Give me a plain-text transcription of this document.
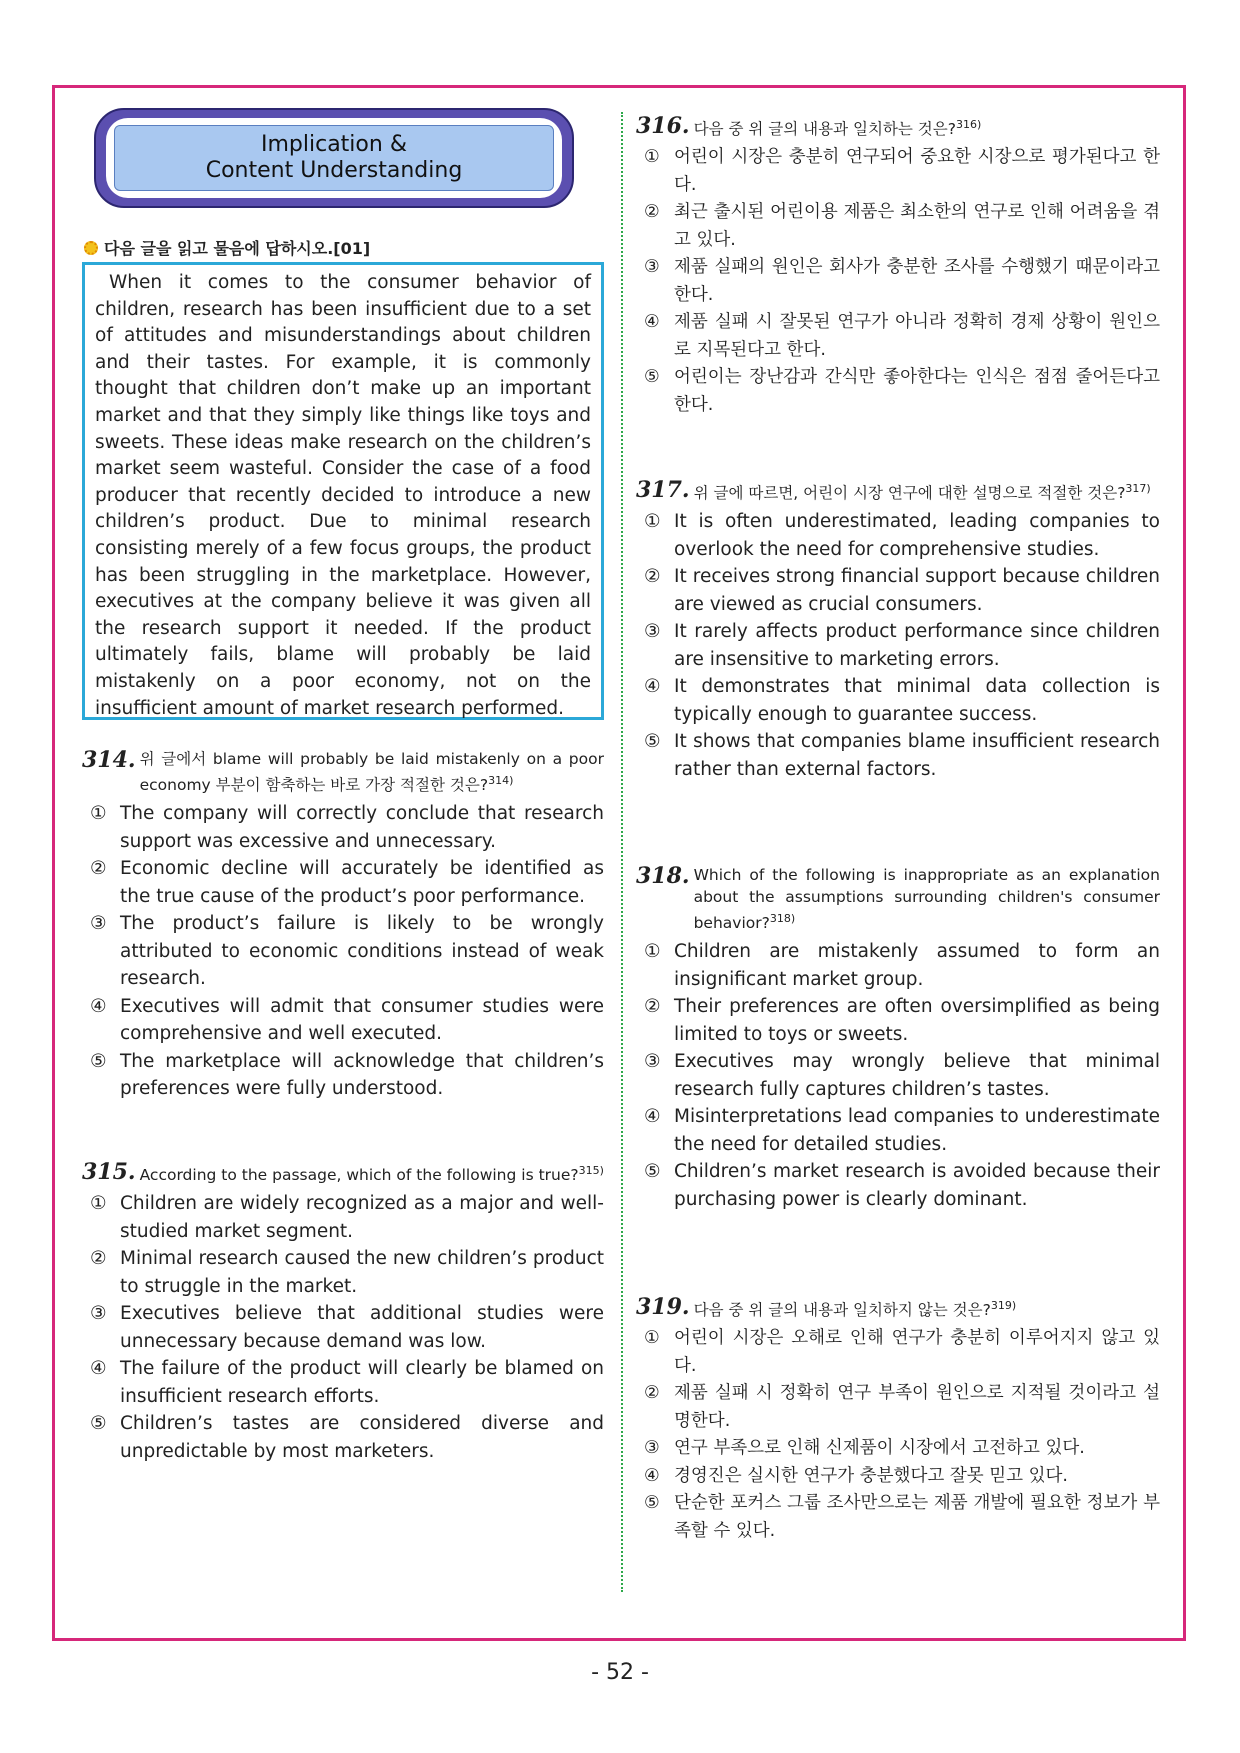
Implication &
Content Understanding
다음 글을 읽고 물음에 답하시오.[01]

When it comes to the consumer behavior of children, research has been insufficient due to a set of attitudes and misunderstandings about children and their tastes. For example, it is commonly thought that children don’t make up an important market and that they simply like things like toys and sweets. These ideas make research on the children’s market seem wasteful. Consider the case of a food producer that recently decided to introduce a new children’s product. Due to minimal research consisting merely of a few focus groups, the product has been struggling in the marketplace. However, executives at the company believe it was given all the research support it needed. If the product ultimately fails, blame will probably be laid mistakenly on a poor economy, not on the insufficient amount of market research performed.

314. 위 글에서 blame will probably be laid mistakenly on a poor economy 부분이 함축하는 바로 가장 적절한 것은?$^{314)}$
① The company will correctly conclude that research support was excessive and unnecessary.
② Economic decline will accurately be identified as the true cause of the product’s poor performance.
③ The product’s failure is likely to be wrongly attributed to economic conditions instead of weak research.
④ Executives will admit that consumer studies were comprehensive and well executed.
⑤ The marketplace will acknowledge that children’s preferences were fully understood.
315. According to the passage, which of the following is true?$^{315)}$
① Children are widely recognized as a major and well-studied market segment.
② Minimal research caused the new children’s product to struggle in the market.
③ Executives believe that additional studies were unnecessary because demand was low.
④ The failure of the product will clearly be blamed on insufficient research efforts.
⑤ Children’s tastes are considered diverse and unpredictable by most marketers.
316. 다음 중 위 글의 내용과 일치하는 것은?$^{316)}$
① 어린이 시장은 충분히 연구되어 중요한 시장으로 평가된다고 한다.
② 최근 출시된 어린이용 제품은 최소한의 연구로 인해 어려움을 겪고 있다.
③ 제품 실패의 원인은 회사가 충분한 조사를 수행했기 때문이라고 한다.
④ 제품 실패 시 잘못된 연구가 아니라 정확히 경제 상황이 원인으로 지목된다고 한다.
⑤ 어린이는 장난감과 간식만 좋아한다는 인식은 점점 줄어든다고 한다.
317. 위 글에 따르면, 어린이 시장 연구에 대한 설명으로 적절한 것은?$^{317)}$
① It is often underestimated, leading companies to overlook the need for comprehensive studies.
② It receives strong financial support because children are viewed as crucial consumers.
③ It rarely affects product performance since children are insensitive to marketing errors.
④ It demonstrates that minimal data collection is typically enough to guarantee success.
⑤ It shows that companies blame insufficient research rather than external factors.
318. Which of the following is inappropriate as an explanation about the assumptions surrounding children's consumer behavior?$^{318)}$
① Children are mistakenly assumed to form an insignificant market group.
② Their preferences are often oversimplified as being limited to toys or sweets.
③ Executives may wrongly believe that minimal research fully captures children’s tastes.
④ Misinterpretations lead companies to underestimate the need for detailed studies.
⑤ Children’s market research is avoided because their purchasing power is clearly dominant.
319. 다음 중 위 글의 내용과 일치하지 않는 것은?$^{319)}$
① 어린이 시장은 오해로 인해 연구가 충분히 이루어지지 않고 있다.
② 제품 실패 시 정확히 연구 부족이 원인으로 지적될 것이라고 설명한다.
③ 연구 부족으로 인해 신제품이 시장에서 고전하고 있다.
④ 경영진은 실시한 연구가 충분했다고 잘못 믿고 있다.
⑤ 단순한 포커스 그룹 조사만으로는 제품 개발에 필요한 정보가 부족할 수 있다.
- 52 -
